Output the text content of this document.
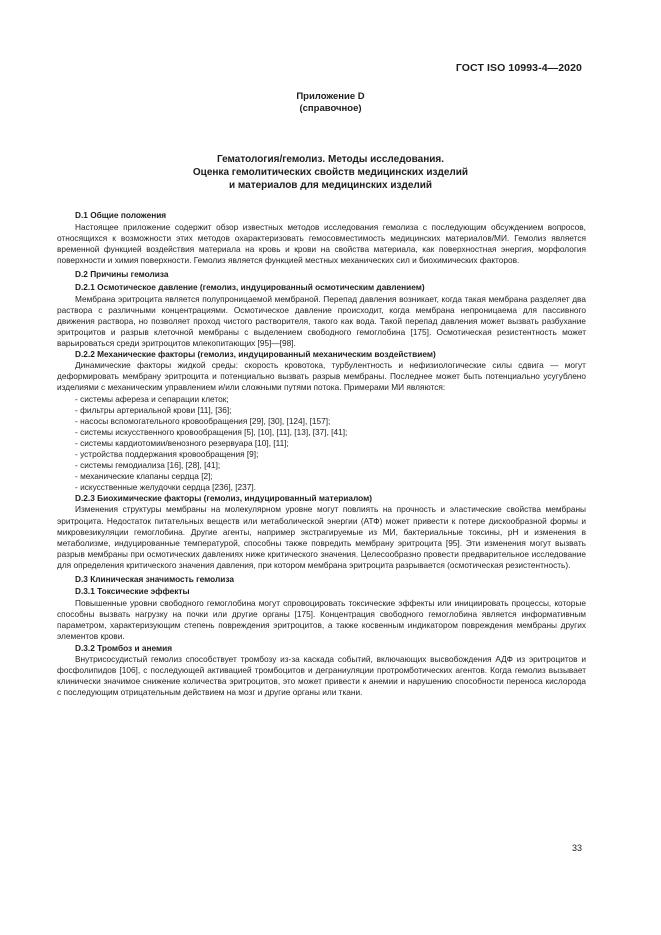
ГОСТ ISO 10993-4—2020
Приложение D
(справочное)
Гематология/гемолиз. Методы исследования.
Оценка гемолитических свойств медицинских изделий
и материалов для медицинских изделий

D.1 Общие положения

Настоящее приложение содержит обзор известных методов исследования гемолиза с последующим обсуждением вопросов, относящихся к возможности этих методов охарактеризовать гемосовместимость медицинских материалов/МИ. Гемолиз является временной функцией воздействия материала на кровь и крови на свойства материала, как поверхностная энергия, морфология поверхности и химия поверхности. Гемолиз является функцией местных механических сил и биохимических факторов.

D.2 Причины гемолиза

D.2.1 Осмотическое давление (гемолиз, индуцированный осмотическим давлением)

Мембрана эритроцита является полупроницаемой мембраной. Перепад давления возникает, когда такая мембрана разделяет два раствора с различными концентрациями. Осмотическое давление происходит, когда мембрана непроницаема для пассивного движения раствора, но позволяет проход чистого растворителя, такого как вода. Такой перепад давления может вызвать разбухание эритроцитов и разрыв клеточной мембраны с выделением свободного гемоглобина [175]. Осмотическая резистентность может варьироваться среди эритроцитов млекопитающих [95]—[98].

D.2.2 Механические факторы (гемолиз, индуцированный механическим воздействием)

Динамические факторы жидкой среды: скорость кровотока, турбулентность и нефизиологические силы сдвига — могут деформировать мембрану эритроцита и потенциально вызвать разрыв мембраны. Последнее может быть потенциально усугублено изделиями с механическим управлением и/или сложными путями потока. Примерами МИ являются:

- системы афереза и сепарации клеток;
- фильтры артериальной крови [11], [36];
- насосы вспомогательного кровообращения [29], [30], [124], [157];
- системы искусственного кровообращения [5], [10], [11], [13], [37], [41];
- системы кардиотомии/венозного резервуара [10], [11];
- устройства поддержания кровообращения [9];
- системы гемодиализа [16], [28], [41];
- механические клапаны сердца [2];
- искусственные желудочки сердца [236], [237].

D.2.3 Биохимические факторы (гемолиз, индуцированный материалом)

Изменения структуры мембраны на молекулярном уровне могут повлиять на прочность и эластические свойства мембраны эритроцита. Недостаток питательных веществ или метаболической энергии (АТФ) может привести к потере дискообразной формы и микровезикуляции гемоглобина. Другие агенты, например экстрагируемые из МИ, бактериальные токсины, рН и изменения в метаболизме, индуцированные температурой, способны также повредить мембрану эритроцита [95]. Эти изменения могут вызвать разрыв мембраны при осмотических давлениях ниже критического значения. Целесообразно провести предварительное исследование для определения критического значения давления, при котором мембрана эритроцита разрывается (осмотическая резистентность).

D.3 Клиническая значимость гемолиза

D.3.1 Токсические эффекты

Повышенные уровни свободного гемоглобина могут спровоцировать токсические эффекты или инициировать процессы, которые способны вызвать нагрузку на почки или другие органы [175]. Концентрация свободного гемоглобина является информативным параметром, характеризующим степень повреждения эритроцитов, а также косвенным индикатором повреждения мембраны других элементов крови.

D.3.2 Тромбоз и анемия

Внутрисосудистый гемолиз способствует тромбозу из-за каскада событий, включающих высвобождения АДФ из эритроцитов и фосфолипидов [106], с последующей активацией тромбоцитов и деграниуляции протромботических агентов. Когда гемолиз вызывает клинически значимое снижение количества эритроцитов, это может привести к анемии и нарушению способности переноса кислорода с последующим отрицательным действием на мозг и другие органы или ткани.

33
